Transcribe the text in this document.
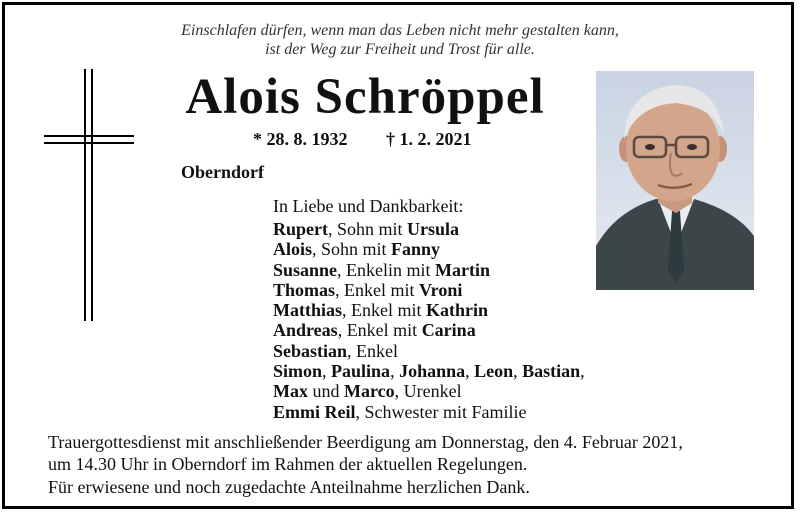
Einschlafen dürfen, wenn man das Leben nicht mehr gestalten kann,
ist der Weg zur Freiheit und Trost für alle.
Alois Schröppel
* 28. 8. 1932 † 1. 2. 2021
Oberndorf
In Liebe und Dankbarkeit:
Rupert, Sohn mit Ursula
Alois, Sohn mit Fanny
Susanne, Enkelin mit Martin
Thomas, Enkel mit Vroni
Matthias, Enkel mit Kathrin
Andreas, Enkel mit Carina
Sebastian, Enkel
Simon, Paulina, Johanna, Leon, Bastian,
Max und Marco, Urenkel
Emmi Reil, Schwester mit Familie
Trauergottesdienst mit anschließender Beerdigung am Donnerstag, den 4. Februar 2021,
um 14.30 Uhr in Oberndorf im Rahmen der aktuellen Regelungen.
Für erwiesene und noch zugedachte Anteilnahme herzlichen Dank.
